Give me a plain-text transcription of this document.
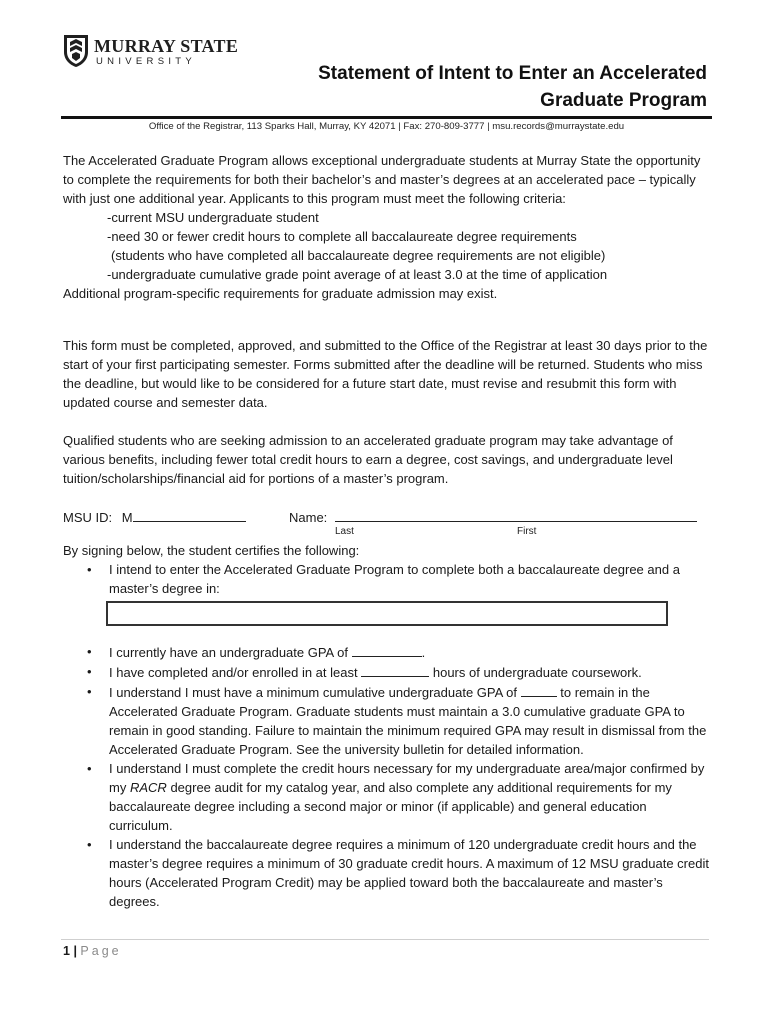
MURRAY STATE
UNIVERSITY
Statement of Intent to Enter an Accelerated
Graduate Program
Office of the Registrar, 113 Sparks Hall, Murray, KY 42071 | Fax: 270-809-3777 | msu.records@murraystate.edu

The Accelerated Graduate Program allows exceptional undergraduate students at Murray State the opportunity to complete the requirements for both their bachelor’s and master’s degrees at an accelerated pace – typically with just one additional year. Applicants to this program must meet the following criteria:

-current MSU undergraduate student

-need 30 or fewer credit hours to complete all baccalaureate degree requirements

(students who have completed all baccalaureate degree requirements are not eligible)

-undergraduate cumulative grade point average of at least 3.0 at the time of application

Additional program-specific requirements for graduate admission may exist.

This form must be completed, approved, and submitted to the Office of the Registrar at least 30 days prior to the start of your first participating semester. Forms submitted after the deadline will be returned. Students who miss the deadline, but would like to be considered for a future start date, must revise and resubmit this form with updated course and semester data.
Qualified students who are seeking admission to an accelerated graduate program may take advantage of various benefits, including fewer total credit hours to earn a degree, cost savings, and undergraduate level tuition/scholarships/financial aid for portions of a master’s program.
MSU ID: M	Name:
Last	First
By signing below, the student certifies the following:
• I intend to enter the Accelerated Graduate Program to complete both a baccalaureate degree and a master’s degree in:
• I currently have an undergraduate GPA of	.
• I have completed and/or enrolled in at least	hours of undergraduate coursework.
• I understand I must have a minimum cumulative undergraduate GPA of	to remain in the Accelerated Graduate Program. Graduate students must maintain a 3.0 cumulative graduate GPA to remain in good standing. Failure to maintain the minimum required GPA may result in dismissal from the Accelerated Graduate Program. See the university bulletin for detailed information.
• I understand I must complete the credit hours necessary for my undergraduate area/major confirmed by my RACR degree audit for my catalog year, and also complete any additional requirements for my baccalaureate degree including a second major or minor (if applicable) and general education curriculum.
• I understand the baccalaureate degree requires a minimum of 120 undergraduate credit hours and the master’s degree requires a minimum of 30 graduate credit hours. A maximum of 12 MSU graduate credit hours (Accelerated Program Credit) may be applied toward both the baccalaureate and master’s degrees.
1 | Page
